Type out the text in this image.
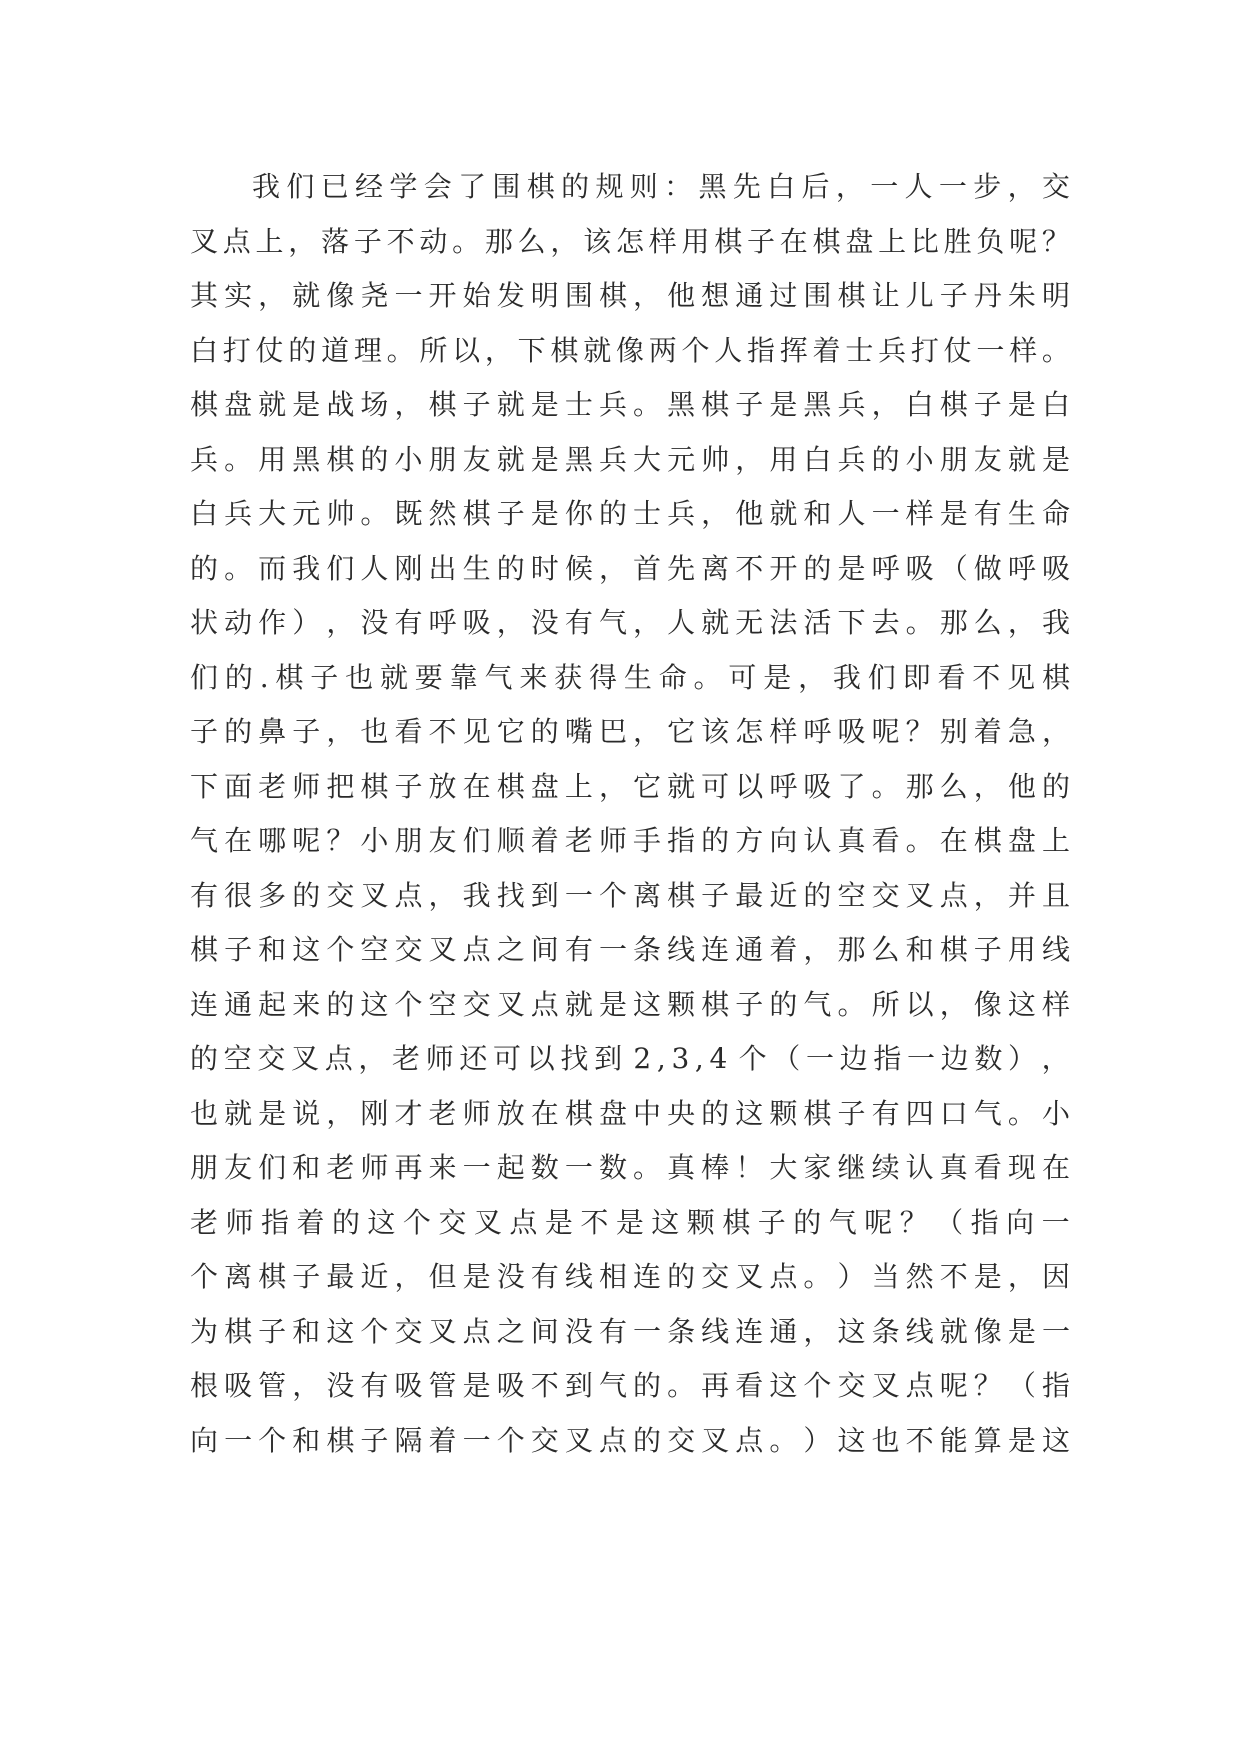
我 们 已 经 学 会 了 围 棋 的 规 则 ： 黑 先 白 后 ， 一 人 一 步 ， 交
叉 点 上 ， 落 子 不 动 。 那 么 ， 该 怎 样 用 棋 子 在 棋 盘 上 比 胜 负 呢 ？
其 实 ， 就 像 尧 一 开 始 发 明 围 棋 ， 他 想 通 过 围 棋 让 儿 子 丹 朱 明
白 打 仗 的 道 理 。 所 以 ， 下 棋 就 像 两 个 人 指 挥 着 士 兵 打 仗 一 样 。
棋 盘 就 是 战 场 ， 棋 子 就 是 士 兵 。 黑 棋 子 是 黑 兵 ， 白 棋 子 是 白
兵 。 用 黑 棋 的 小 朋 友 就 是 黑 兵 大 元 帅 ， 用 白 兵 的 小 朋 友 就 是
白 兵 大 元 帅 。 既 然 棋 子 是 你 的 士 兵 ， 他 就 和 人 一 样 是 有 生 命
的 。 而 我 们 人 刚 出 生 的 时 候 ， 首 先 离 不 开 的 是 呼 吸 （ 做 呼 吸
状 动 作 ） ， 没 有 呼 吸 ， 没 有 气 ， 人 就 无 法 活 下 去 。 那 么 ， 我
们 的 . 棋 子 也 就 要 靠 气 来 获 得 生 命 。 可 是 ， 我 们 即 看 不 见 棋
子 的 鼻 子 ， 也 看 不 见 它 的 嘴 巴 ， 它 该 怎 样 呼 吸 呢 ？ 别 着 急 ，
下 面 老 师 把 棋 子 放 在 棋 盘 上 ， 它 就 可 以 呼 吸 了 。 那 么 ， 他 的
气 在 哪 呢 ？ 小 朋 友 们 顺 着 老 师 手 指 的 方 向 认 真 看 。 在 棋 盘 上
有 很 多 的 交 叉 点 ， 我 找 到 一 个 离 棋 子 最 近 的 空 交 叉 点 ， 并 且
棋 子 和 这 个 空 交 叉 点 之 间 有 一 条 线 连 通 着 ， 那 么 和 棋 子 用 线
连 通 起 来 的 这 个 空 交 叉 点 就 是 这 颗 棋 子 的 气 。 所 以 ， 像 这 样
的 空 交 叉 点 ， 老 师 还 可 以 找 到 2 , 3 , 4 个 （ 一 边 指 一 边 数 ） ，
也 就 是 说 ， 刚 才 老 师 放 在 棋 盘 中 央 的 这 颗 棋 子 有 四 口 气 。 小
朋 友 们 和 老 师 再 来 一 起 数 一 数 。 真 棒 ！ 大 家 继 续 认 真 看 现 在
老 师 指 着 的 这 个 交 叉 点 是 不 是 这 颗 棋 子 的 气 呢 ？ （ 指 向 一
个 离 棋 子 最 近 ， 但 是 没 有 线 相 连 的 交 叉 点 。 ） 当 然 不 是 ， 因
为 棋 子 和 这 个 交 叉 点 之 间 没 有 一 条 线 连 通 ， 这 条 线 就 像 是 一
根 吸 管 ， 没 有 吸 管 是 吸 不 到 气 的 。 再 看 这 个 交 叉 点 呢 ？ （ 指
向 一 个 和 棋 子 隔 着 一 个 交 叉 点 的 交 叉 点 。 ） 这 也 不 能 算 是 这
